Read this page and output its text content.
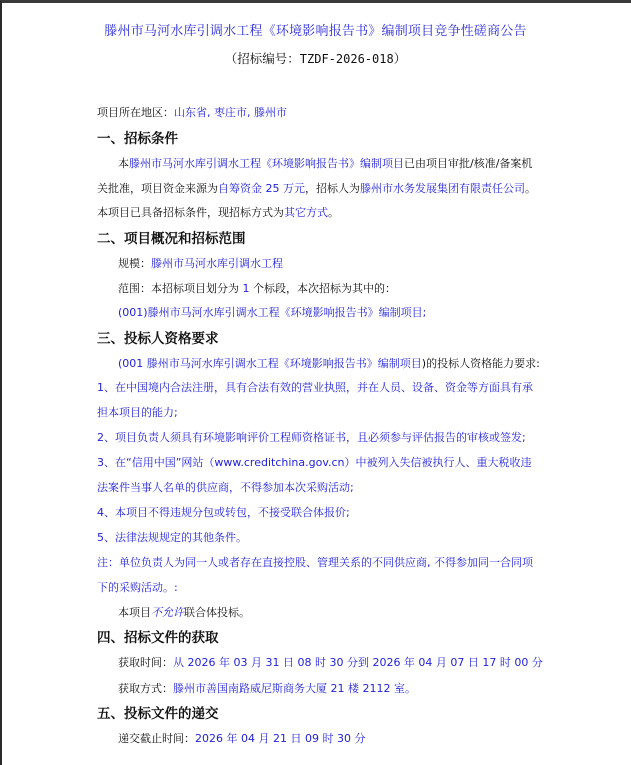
滕州市马河水库引调水工程《环境影响报告书》编制项目竞争性磋商公告
（招标编号：TZDF-2026-018）
项目所在地区：山东省, 枣庄市, 滕州市
一、招标条件
本滕州市马河水库引调水工程《环境影响报告书》编制项目已由项目审批/核准/备案机
关批准，项目资金来源为自筹资金 25 万元，招标人为滕州市水务发展集团有限责任公司。
本项目已具备招标条件，现招标方式为其它方式。
二、项目概况和招标范围
规模：滕州市马河水库引调水工程
范围：本招标项目划分为 1 个标段，本次招标为其中的：
(001)滕州市马河水库引调水工程《环境影响报告书》编制项目;
三、投标人资格要求
(001 滕州市马河水库引调水工程《环境影响报告书》编制项目)的投标人资格能力要求:
1、在中国境内合法注册，具有合法有效的营业执照，并在人员、设备、资金等方面具有承
担本项目的能力;
2、项目负责人须具有环境影响评价工程师资格证书，且必须参与评估报告的审核或签发;
3、在“信用中国”网站（www.creditchina.gov.cn）中被列入失信被执行人、重大税收违
法案件当事人名单的供应商，不得参加本次采购活动;
4、本项目不得违规分包或转包，不接受联合体报价;
5、法律法规规定的其他条件。
注：单位负责人为同一人或者存在直接控股、管理关系的不同供应商, 不得参加同一合同项
下的采购活动。:
本项目不允许联合体投标。
四、招标文件的获取
获取时间：从 2026 年 03 月 31 日 08 时 30 分到 2026 年 04 月 07 日 17 时 00 分
获取方式：滕州市善国南路威尼斯商务大厦 21 楼 2112 室。
五、投标文件的递交
递交截止时间：2026 年 04 月 21 日 09 时 30 分
